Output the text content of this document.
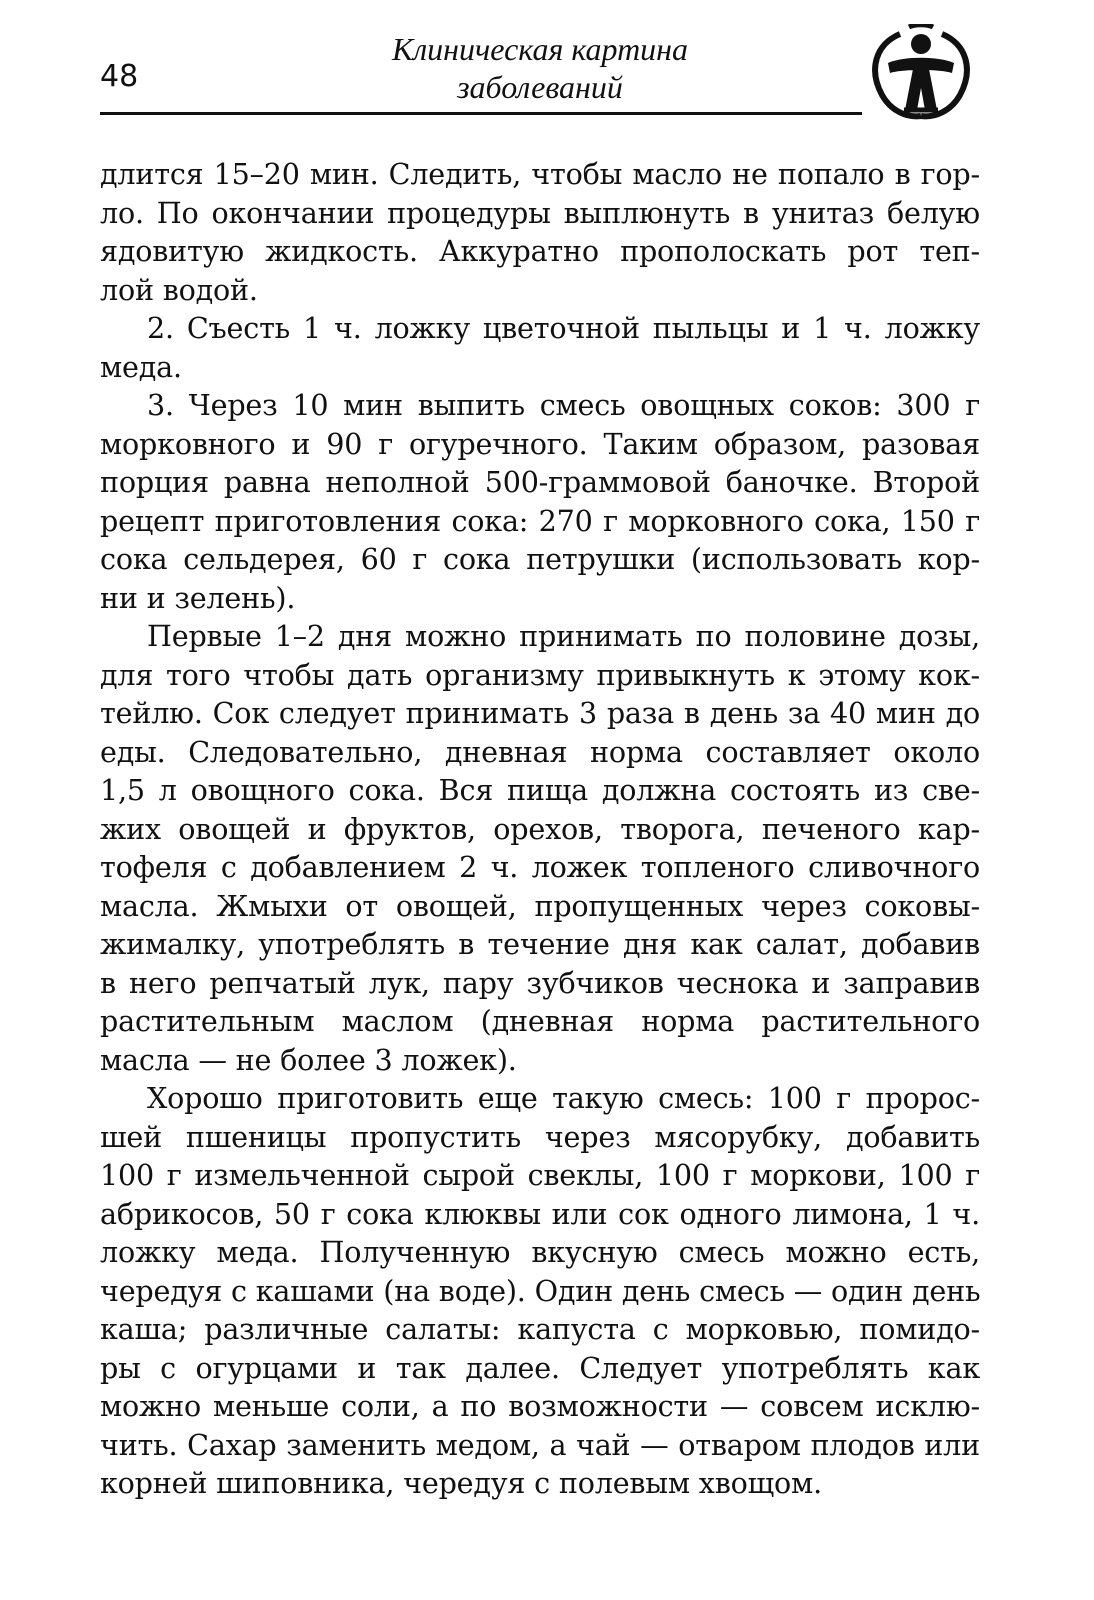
48
Клиническая картина
заболеваний
длится 15–20 мин. Следить, чтобы масло не попало в гор-
ло. По окончании процедуры выплюнуть в унитаз белую
ядовитую жидкость. Аккуратно прополоскать рот теп-
лой водой.
2. Съесть 1 ч. ложку цветочной пыльцы и 1 ч. ложку
меда.
3. Через 10 мин выпить смесь овощных соков: 300 г
морковного и 90 г огуречного. Таким образом, разовая
порция равна неполной 500-граммовой баночке. Второй
рецепт приготовления сока: 270 г морковного сока, 150 г
сока сельдерея, 60 г сока петрушки (использовать кор-
ни и зелень).
Первые 1–2 дня можно принимать по половине дозы,
для того чтобы дать организму привыкнуть к этому кок-
тейлю. Сок следует принимать 3 раза в день за 40 мин до
еды. Следовательно, дневная норма составляет около
1,5 л овощного сока. Вся пища должна состоять из све-
жих овощей и фруктов, орехов, творога, печеного кар-
тофеля с добавлением 2 ч. ложек топленого сливочного
масла. Жмыхи от овощей, пропущенных через соковы-
жималку, употреблять в течение дня как салат, добавив
в него репчатый лук, пару зубчиков чеснока и заправив
растительным маслом (дневная норма растительного
масла — не более 3 ложек).
Хорошо приготовить еще такую смесь: 100 г пророс-
шей пшеницы пропустить через мясорубку, добавить
100 г измельченной сырой свеклы, 100 г моркови, 100 г
абрикосов, 50 г сока клюквы или сок одного лимона, 1 ч.
ложку меда. Полученную вкусную смесь можно есть,
чередуя с кашами (на воде). Один день смесь — один день
каша; различные салаты: капуста с морковью, помидо-
ры с огурцами и так далее. Следует употреблять как
можно меньше соли, а по возможности — совсем исклю-
чить. Сахар заменить медом, а чай — отваром плодов или
корней шиповника, чередуя с полевым хвощом.
